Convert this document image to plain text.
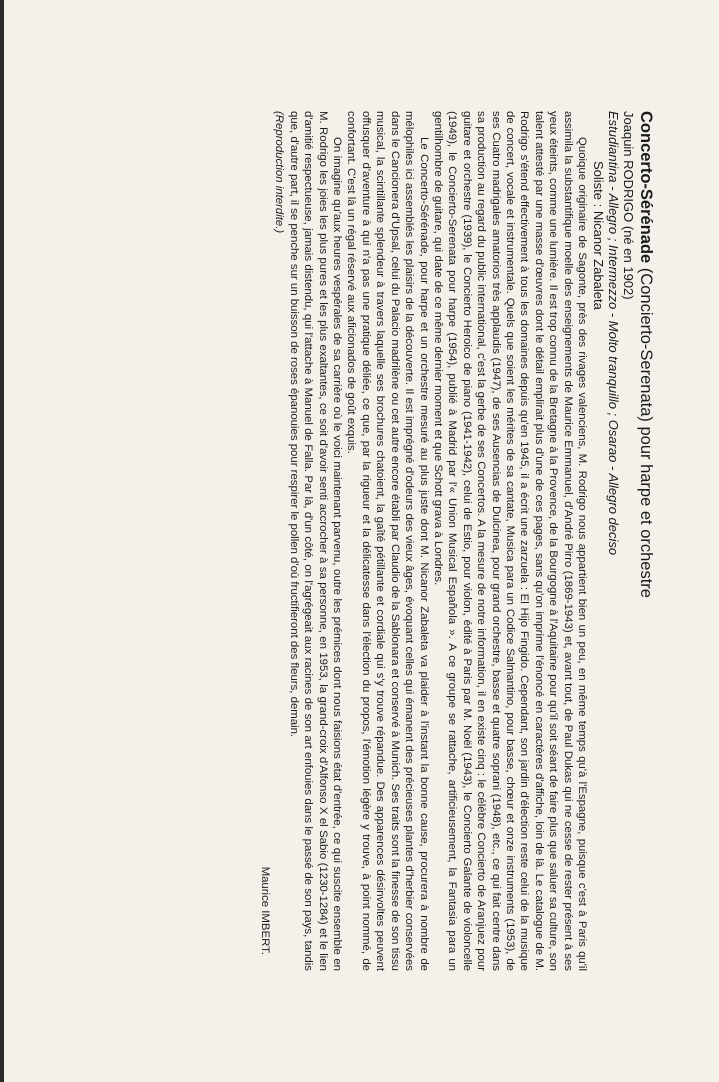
Concerto-Sérénade (Concierto-Serenata) pour harpe et orchestre

Joaquin RODRIGO (né en 1902)

Estudiantina - Allegro ; Intermezzo - Molto tranquillo ; Osarao - Allegro deciso

Soliste : Nicanor Zabaleta

Quoique originaire de Sagonte, près des rivages valenciens, M. Rodrigo nous appartient bien un peu, en même temps qu'à l'Espagne, puisque c'est à Paris qu'il assimila la substantifique moelle des enseignements de Maurice Emmanuel, d'André Pirro (1869-1943) et, avant tout, de Paul Dukas qui ne cesse de rester présent à ses yeux éteints, comme une lumière. Il est trop connu de la Bretagne à la Provence, de la Bourgogne à l'Aquitaine pour qu'il soit séant de faire plus que saluer sa culture, son talent attesté par une masse d'œuvres dont le détail emplirait plus d'une de ces pages, sans qu'on imprime l'énoncé en caractères d'affiche, loin de là. Le catalogue de M. Rodrigo s'étend effectivement à tous les domaines depuis qu'en 1945, il a écrit une zarzuela : El Hijo Fingido. Cependant, son jardin d'élection reste celui de la musique de concert, vocale et instrumentale. Quels que soient les mérites de sa cantate, Musica para un Codice Salmantino, pour basse, chœur et onze instruments (1953), de ses Cuatro madrigales amatorios très applaudis (1947), de ses Ausencias de Dulcinea, pour grand orchestre, basse et quatre soprani (1948), etc., ce qui fait centre dans sa production au regard du public international, c'est la gerbe de ses Concertos. A la mesure de notre information, il en existe cinq : le célèbre Concierto de Aranjuez pour guitare et orchestre (1939), le Concierto Heroico de piano (1941-1942), celui de Estio, pour violon, édité à Paris par M. Noël (1943), le Concierto Galante de violoncelle (1949), le Concierto-Serenata pour harpe (1954), publié à Madrid par l'« Union Musical Española ». A ce groupe se rattache, artificieusement, la Fantasia para un gentilhombre de guitare, qui date de ce même dernier moment et que Schott grava à Londres.

Le Concerto-Sérénade, pour harpe et un orchestre mesuré au plus juste dont M. Nicanor Zabaleta va plaider à l'instant la bonne cause, procurera à nombre de mélophiles ici assemblés les plaisirs de la découverte. Il est imprégné d'odeurs des vieux âges, évoquant celles qui émanent des précieuses plantes d'herbier conservées dans le Cancionera d'Upsal, celui du Palacio madrilène ou cet autre encore établi par Claudio de la Sablonara et conservé à Munich. Ses traits sont la finesse de son tissu musical, la scintillante splendeur à travers laquelle ses brochures chatoient, la gaîté pétillante et cordiale qui s'y trouve répandue. Des apparences désinvoltes peuvent offusquer d'aventure à qui n'a pas une pratique déliée, ce que, par la rigueur et la délicatesse dans l'élection du propos, l'émotion légère y trouve, à point nommé, de confortant. C'est là un régal réservé aux aficionados de goût exquis.

On imagine qu'aux heures vespérales de sa carrière où le voici maintenant parvenu, outre les prémices dont nous faisions état d'entrée, ce qui suscite ensemble en M. Rodrigo les joies les plus pures et les plus exaltantes, ce soit d'avoir senti accrocher à sa personne, en 1953, la grand-croix d'Alfonso X el Sabio (1230-1284) et le lien d'amitié respectueuse, jamais distendu, qui l'attache à Manuel de Falla. Par là, d'un côté, on l'agrégeait aux racines de son art enfouies dans le passé de son pays, tandis que, d'autre part, il se penche sur un buisson de roses épanouies pour respirer le pollen d'où fructifieront des fleurs, demain.

(Reproduction interdite.)

Maurice IMBERT.
